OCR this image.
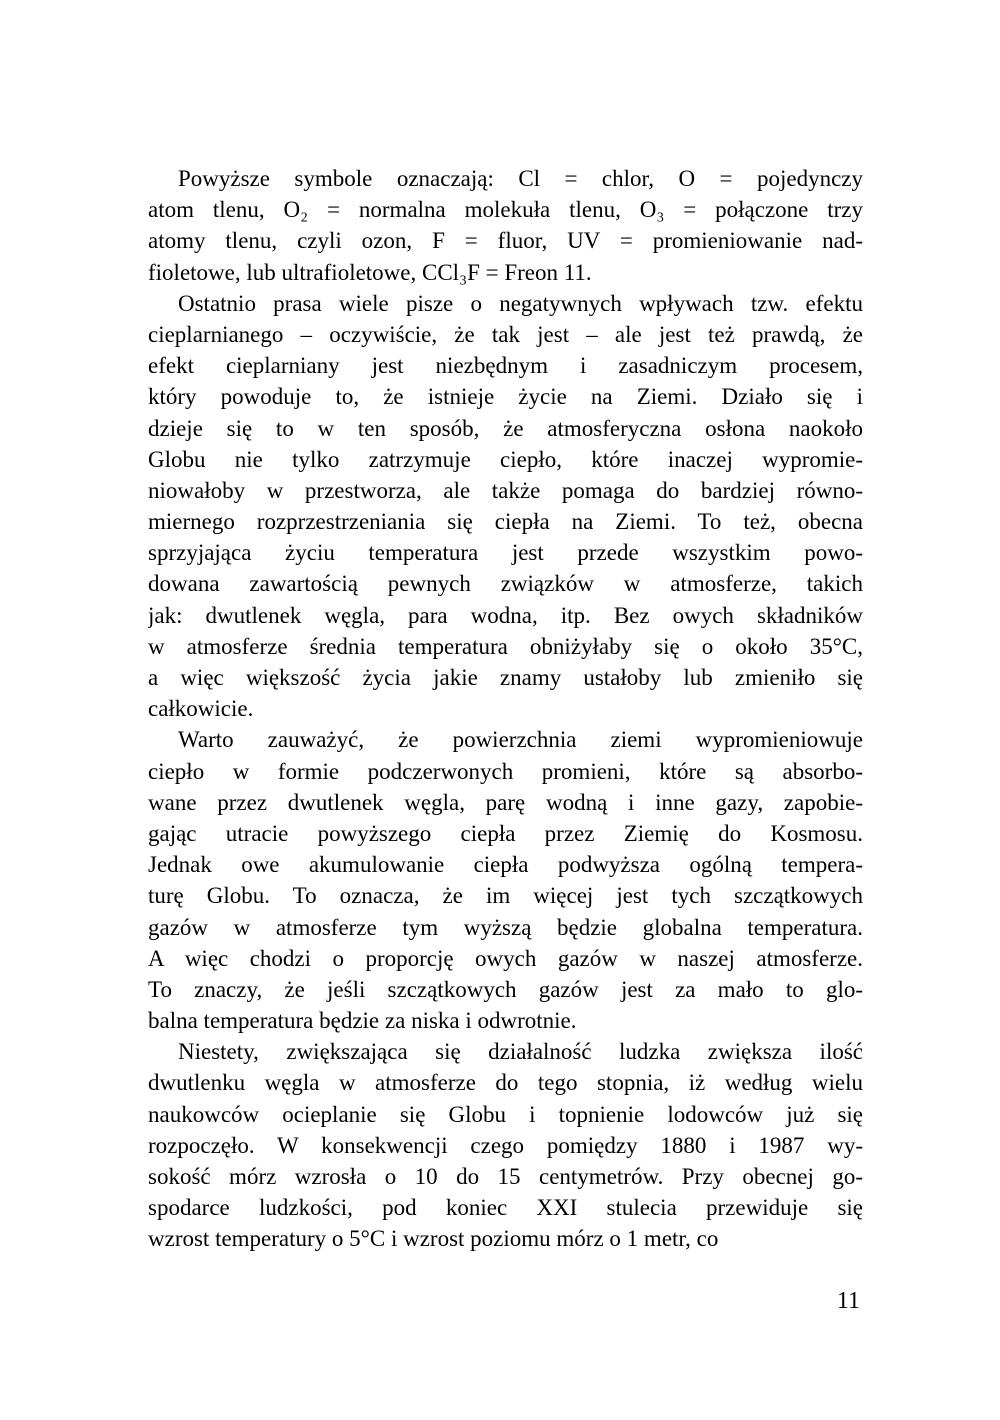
Powyższe symbole oznaczają: Cl = chlor, O = pojedynczy
atom tlenu, O₂ = normalna molekuła tlenu, O₃ = połączone trzy
atomy tlenu, czyli ozon, F = fluor, UV = promieniowanie nad-
fioletowe, lub ultrafioletowe, CCl₃F = Freon 11.
Ostatnio prasa wiele pisze o negatywnych wpływach tzw. efektu
cieplarnianego – oczywiście, że tak jest – ale jest też prawdą, że
efekt cieplarniany jest niezbędnym i zasadniczym procesem,
który powoduje to, że istnieje życie na Ziemi. Działo się i
dzieje się to w ten sposób, że atmosferyczna osłona naokoło
Globu nie tylko zatrzymuje ciepło, które inaczej wypromie-
niowałoby w przestworza, ale także pomaga do bardziej równo-
miernego rozprzestrzeniania się ciepła na Ziemi. To też, obecna
sprzyjająca życiu temperatura jest przede wszystkim powo-
dowana zawartością pewnych związków w atmosferze, takich
jak: dwutlenek węgla, para wodna, itp. Bez owych składników
w atmosferze średnia temperatura obniżyłaby się o około 35°C,
a więc większość życia jakie znamy ustałoby lub zmieniło się
całkowicie.
Warto zauważyć, że powierzchnia ziemi wypromieniowuje
ciepło w formie podczerwonych promieni, które są absorbo-
wane przez dwutlenek węgla, parę wodną i inne gazy, zapobie-
gając utracie powyższego ciepła przez Ziemię do Kosmosu.
Jednak owe akumulowanie ciepła podwyższa ogólną tempera-
turę Globu. To oznacza, że im więcej jest tych szczątkowych
gazów w atmosferze tym wyższą będzie globalna temperatura.
A więc chodzi o proporcję owych gazów w naszej atmosferze.
To znaczy, że jeśli szczątkowych gazów jest za mało to glo-
balna temperatura będzie za niska i odwrotnie.
Niestety, zwiększająca się działalność ludzka zwiększa ilość
dwutlenku węgla w atmosferze do tego stopnia, iż według wielu
naukowców ocieplanie się Globu i topnienie lodowców już się
rozpoczęło. W konsekwencji czego pomiędzy 1880 i 1987 wy-
sokość mórz wzrosła o 10 do 15 centymetrów. Przy obecnej go-
spodarce ludzkości, pod koniec XXI stulecia przewiduje się
wzrost temperatury o 5°C i wzrost poziomu mórz o 1 metr, co
11
